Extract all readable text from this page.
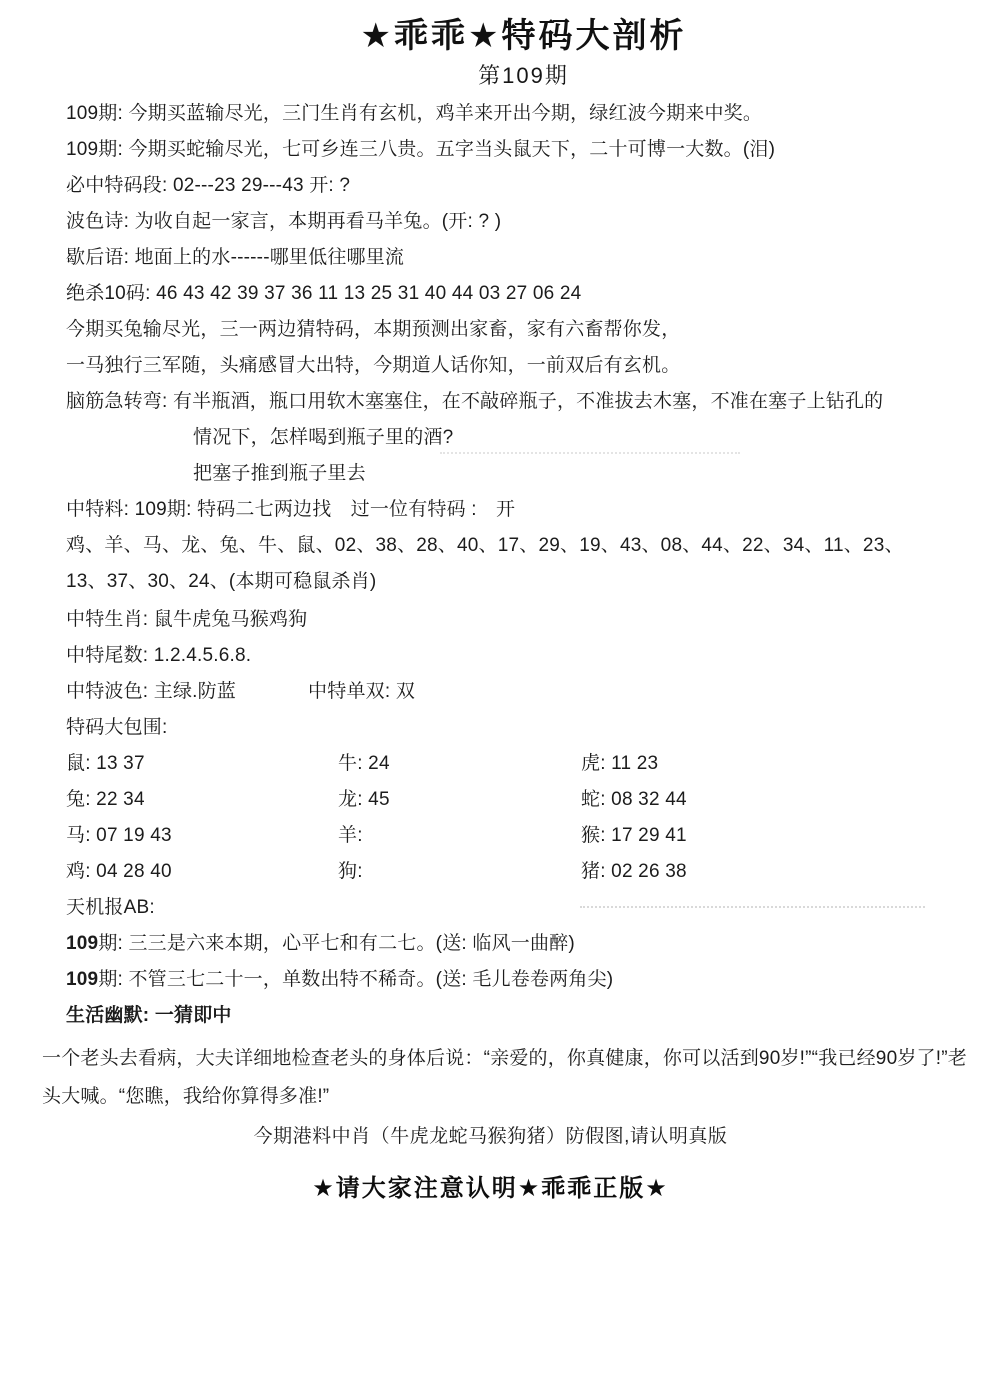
★乖乖★特码大剖析
第109期

109期: 今期买蓝输尽光，三门生肖有玄机，鸡羊来开出今期，绿红波今期来中奖。

109期: 今期买蛇输尽光，七可乡连三八贵。五字当头鼠天下，二十可博一大数。(泪)

必中特码段: 02---23 29---43 开: ?

波色诗: 为收自起一家言，本期再看马羊兔。(开: ? )

歇后语: 地面上的水------哪里低往哪里流

绝杀10码: 46 43 42 39 37 36 11 13 25 31 40 44 03 27 06 24

今期买兔输尽光，三一两边猜特码，本期预测出家畜，家有六畜帮你发，

一马独行三军随，头痛感冒大出特，今期道人话你知，一前双后有玄机。

脑筋急转弯: 有半瓶酒，瓶口用软木塞塞住，在不敲碎瓶子，不准拔去木塞，不准在塞子上钻孔的

情况下，怎样喝到瓶子里的酒?

把塞子推到瓶子里去

中特料: 109期: 特码二七两边找　过一位有特码 :　开

鸡、羊、马、龙、兔、牛、鼠、02、38、28、40、17、29、19、43、08、44、22、34、11、23、

13、37、30、24、(本期可稳鼠杀肖)

中特生肖: 鼠牛虎兔马猴鸡狗

中特尾数: 1.2.4.5.6.8.

中特波色: 主绿.防蓝	中特单双: 双

特码大包围:

鼠: 13 37	牛: 24	虎: 11 23
兔: 22 34	龙: 45	蛇: 08 32 44
马: 07 19 43	羊:	猴: 17 29 41
鸡: 04 28 40	狗:	猪: 02 26 38

天机报AB:

109期: 三三是六来本期，心平七和有二七。(送: 临风一曲醉)

109期: 不管三七二十一，单数出特不稀奇。(送: 毛儿卷卷两角尖)

生活幽默: 一猜即中

一个老头去看病，大夫详细地检查老头的身体后说：“亲爱的，你真健康，你可以活到90岁!”“我已经90岁了!”老头大喊。“您瞧，我给你算得多准!”

今期港料中肖（牛虎龙蛇马猴狗猪）防假图,请认明真版

★请大家注意认明★乖乖正版★
